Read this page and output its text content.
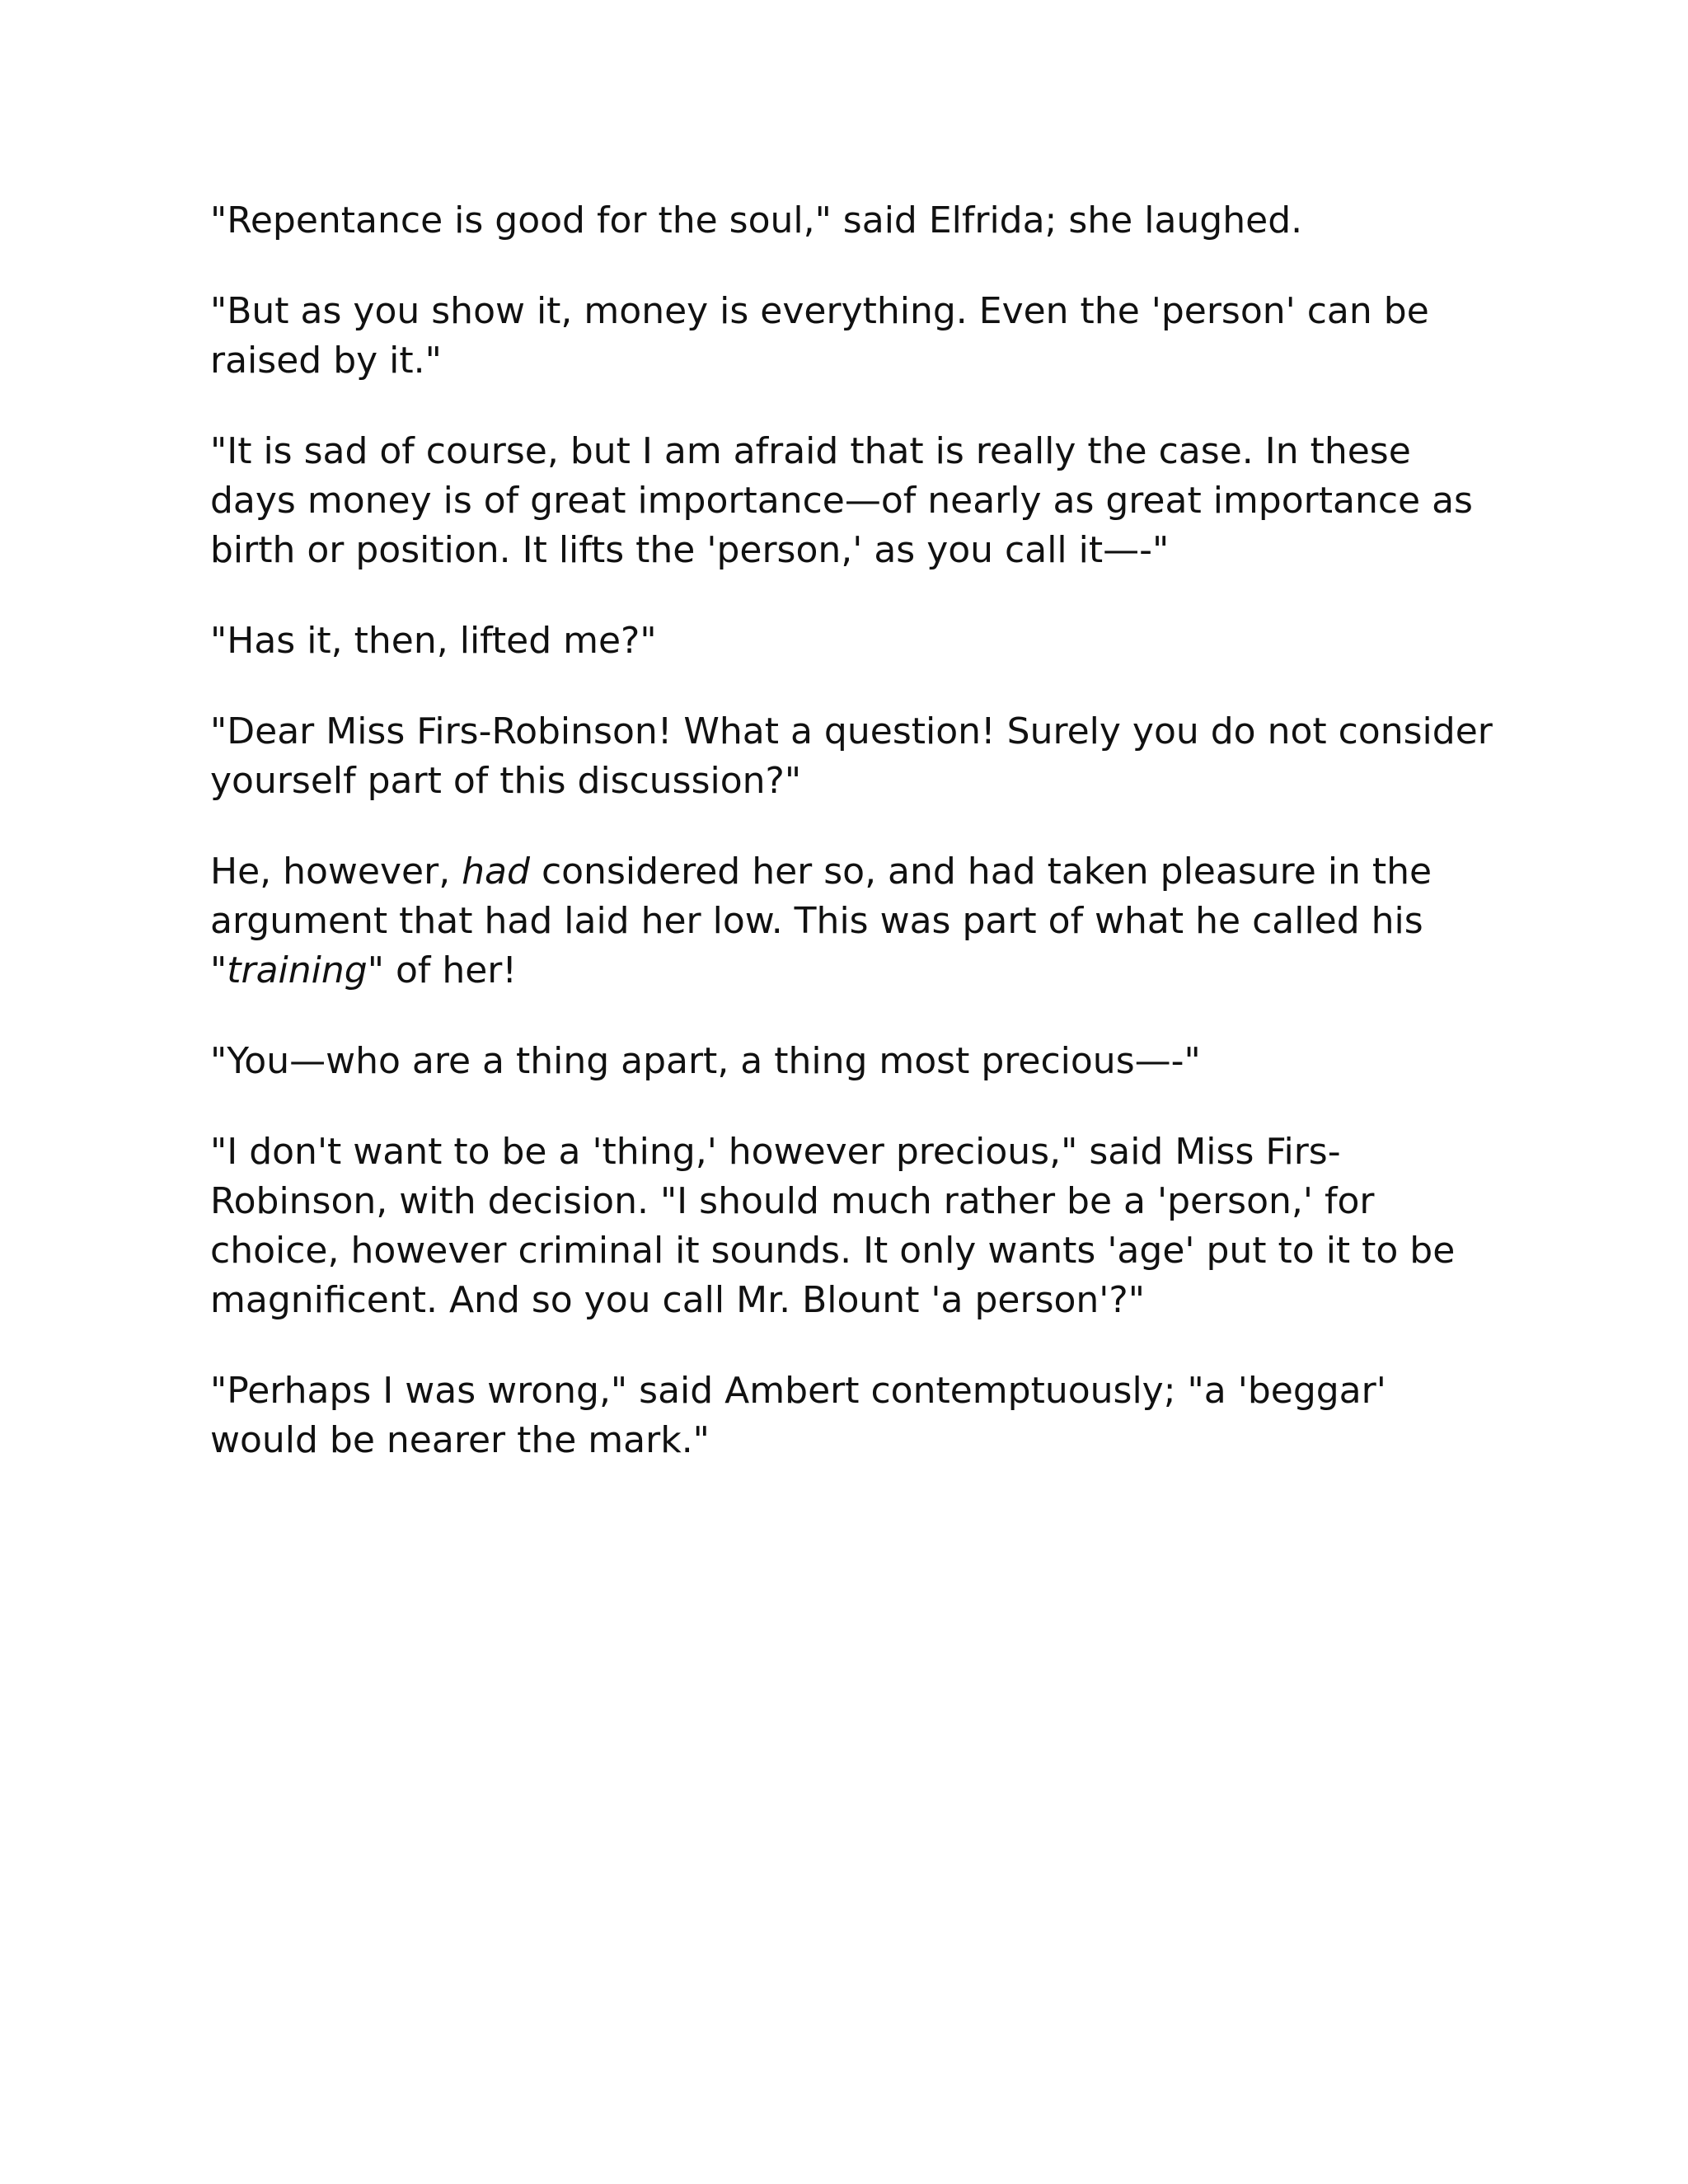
"Repentance is good for the soul," said Elfrida; she laughed.

"But as you show it, money is everything. Even the 'person' can be raised by it."

"It is sad of course, but I am afraid that is really the case. In these days money is of great importance—of nearly as great importance as birth or position. It lifts the 'person,' as you call it—-"

"Has it, then, lifted me?"

"Dear Miss Firs-Robinson! What a question! Surely you do not consider yourself part of this discussion?"

He, however, had considered her so, and had taken pleasure in the argument that had laid her low. This was part of what he called his "training" of her!

"You—who are a thing apart, a thing most precious—-"

"I don't want to be a 'thing,' however precious," said Miss Firs-Robinson, with decision. "I should much rather be a 'person,' for choice, however criminal it sounds. It only wants 'age' put to it to be magnificent. And so you call Mr. Blount 'a person'?"

"Perhaps I was wrong," said Ambert contemptuously; "a 'beggar' would be nearer the mark."
